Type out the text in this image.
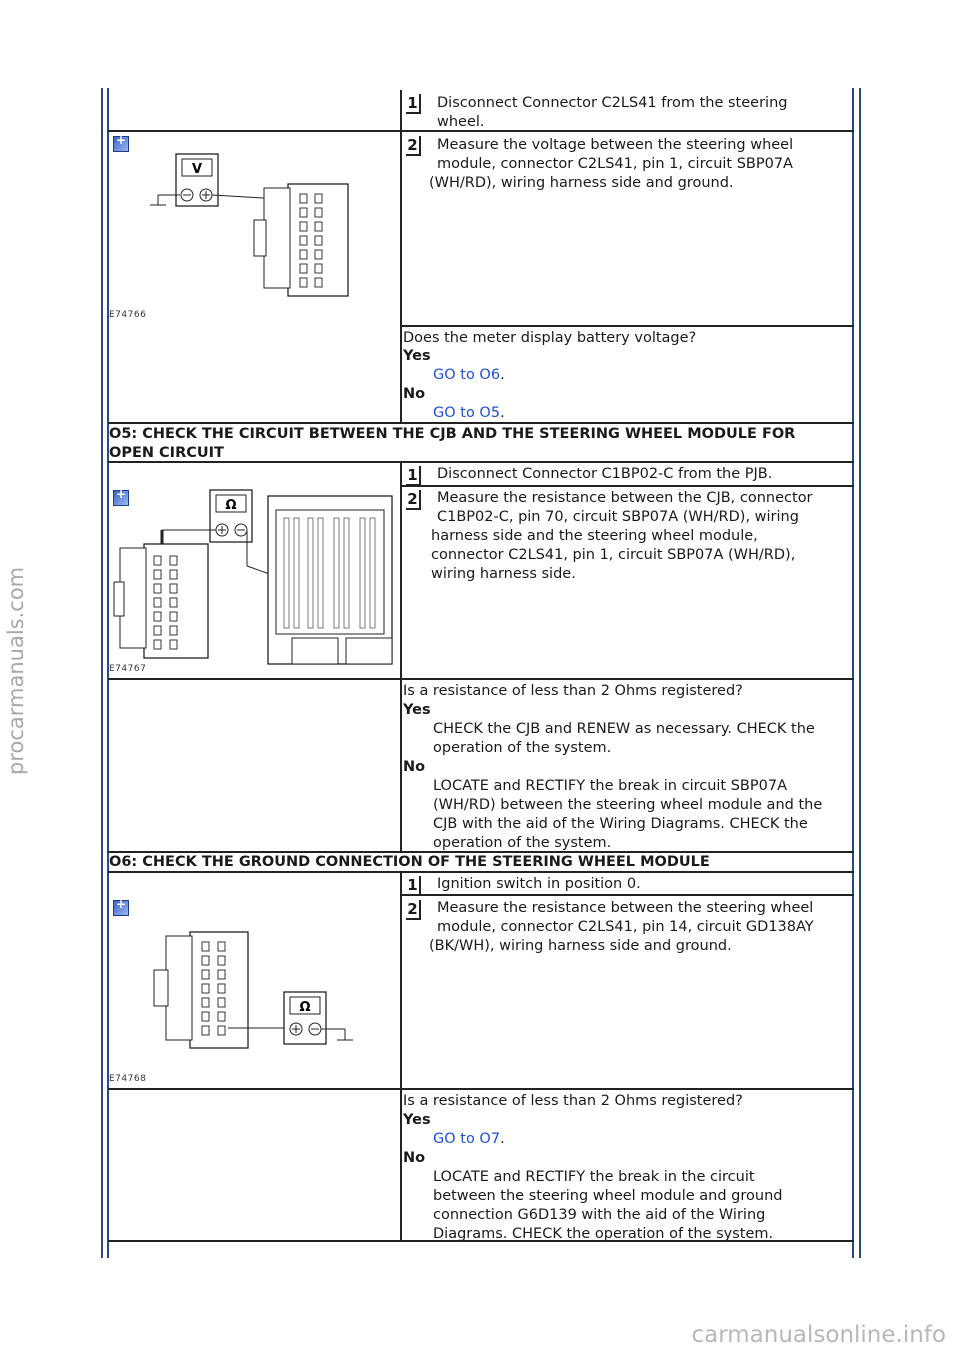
procarmanuals.com
carmanualsonline.info
1 Disconnect Connector C2LS41 from the steering
wheel.
2	Measure the voltage between the steering wheel
module, connector C2LS41, pin 1, circuit SBP07A
(WH/RD), wiring harness side and ground.
+
V
E74766
Does the meter display battery voltage?
Yes
GO to O6.
No
GO to O5.
O5: CHECK THE CIRCUIT BETWEEN THE CJB AND THE STEERING WHEEL MODULE FOR
OPEN CIRCUIT
1 Disconnect Connector C1BP02-C from the PJB.
2	Measure the resistance between the CJB, connector
C1BP02-C, pin 70, circuit SBP07A (WH/RD), wiring
harness side and the steering wheel module,
connector C2LS41, pin 1, circuit SBP07A (WH/RD),
wiring harness side.
+
Ω
E74767
Is a resistance of less than 2 Ohms registered?
Yes
CHECK the CJB and RENEW as necessary. CHECK the
operation of the system.
No
LOCATE and RECTIFY the break in circuit SBP07A
(WH/RD) between the steering wheel module and the
CJB with the aid of the Wiring Diagrams. CHECK the
operation of the system.
O6: CHECK THE GROUND CONNECTION OF THE STEERING WHEEL MODULE
1 Ignition switch in position 0.
2	Measure the resistance between the steering wheel
module, connector C2LS41, pin 14, circuit GD138AY
(BK/WH), wiring harness side and ground.
+
Ω
E74768
Is a resistance of less than 2 Ohms registered?
Yes
GO to O7.
No
LOCATE and RECTIFY the break in the circuit
between the steering wheel module and ground
connection G6D139 with the aid of the Wiring
Diagrams. CHECK the operation of the system.
